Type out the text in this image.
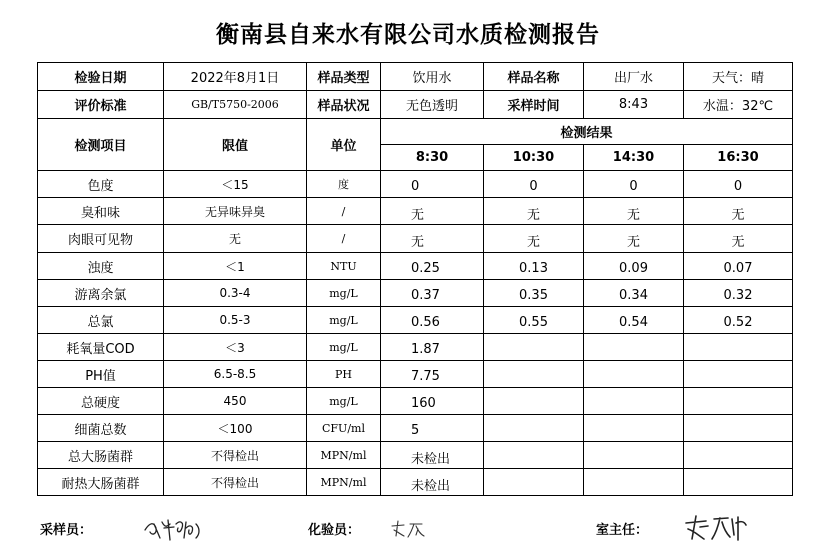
衡南县自来水有限公司水质检测报告
检验日期	2022年8月1日	样品类型	饮用水	样品名称	出厂水	天气：晴
评价标准	GB/T5750-2006	样品状况	无色透明	采样时间	8:43	水温：32℃
检测项目	限值	单位	检测结果			
			8:30	10:30	14:30	16:30
色度	＜15	度	0	0	0	0
臭和味	无异味异臭	/	无	无	无	无
肉眼可见物	无	/	无	无	无	无
浊度	＜1	NTU	0.25	0.13	0.09	0.07
游离余氯	0.3-4	mg/L	0.37	0.35	0.34	0.32
总氯	0.5-3	mg/L	0.56	0.55	0.54	0.52
耗氧量COD	＜3	mg/L	1.87			
PH值	6.5-8.5	PH	7.75			
总硬度	450	mg/L	160			
细菌总数	＜100	CFU/ml	5			
总大肠菌群	不得检出	MPN/ml	未检出			
耐热大肠菌群	不得检出	MPN/ml	未检出			
采样员：	化验员：	室主任：
